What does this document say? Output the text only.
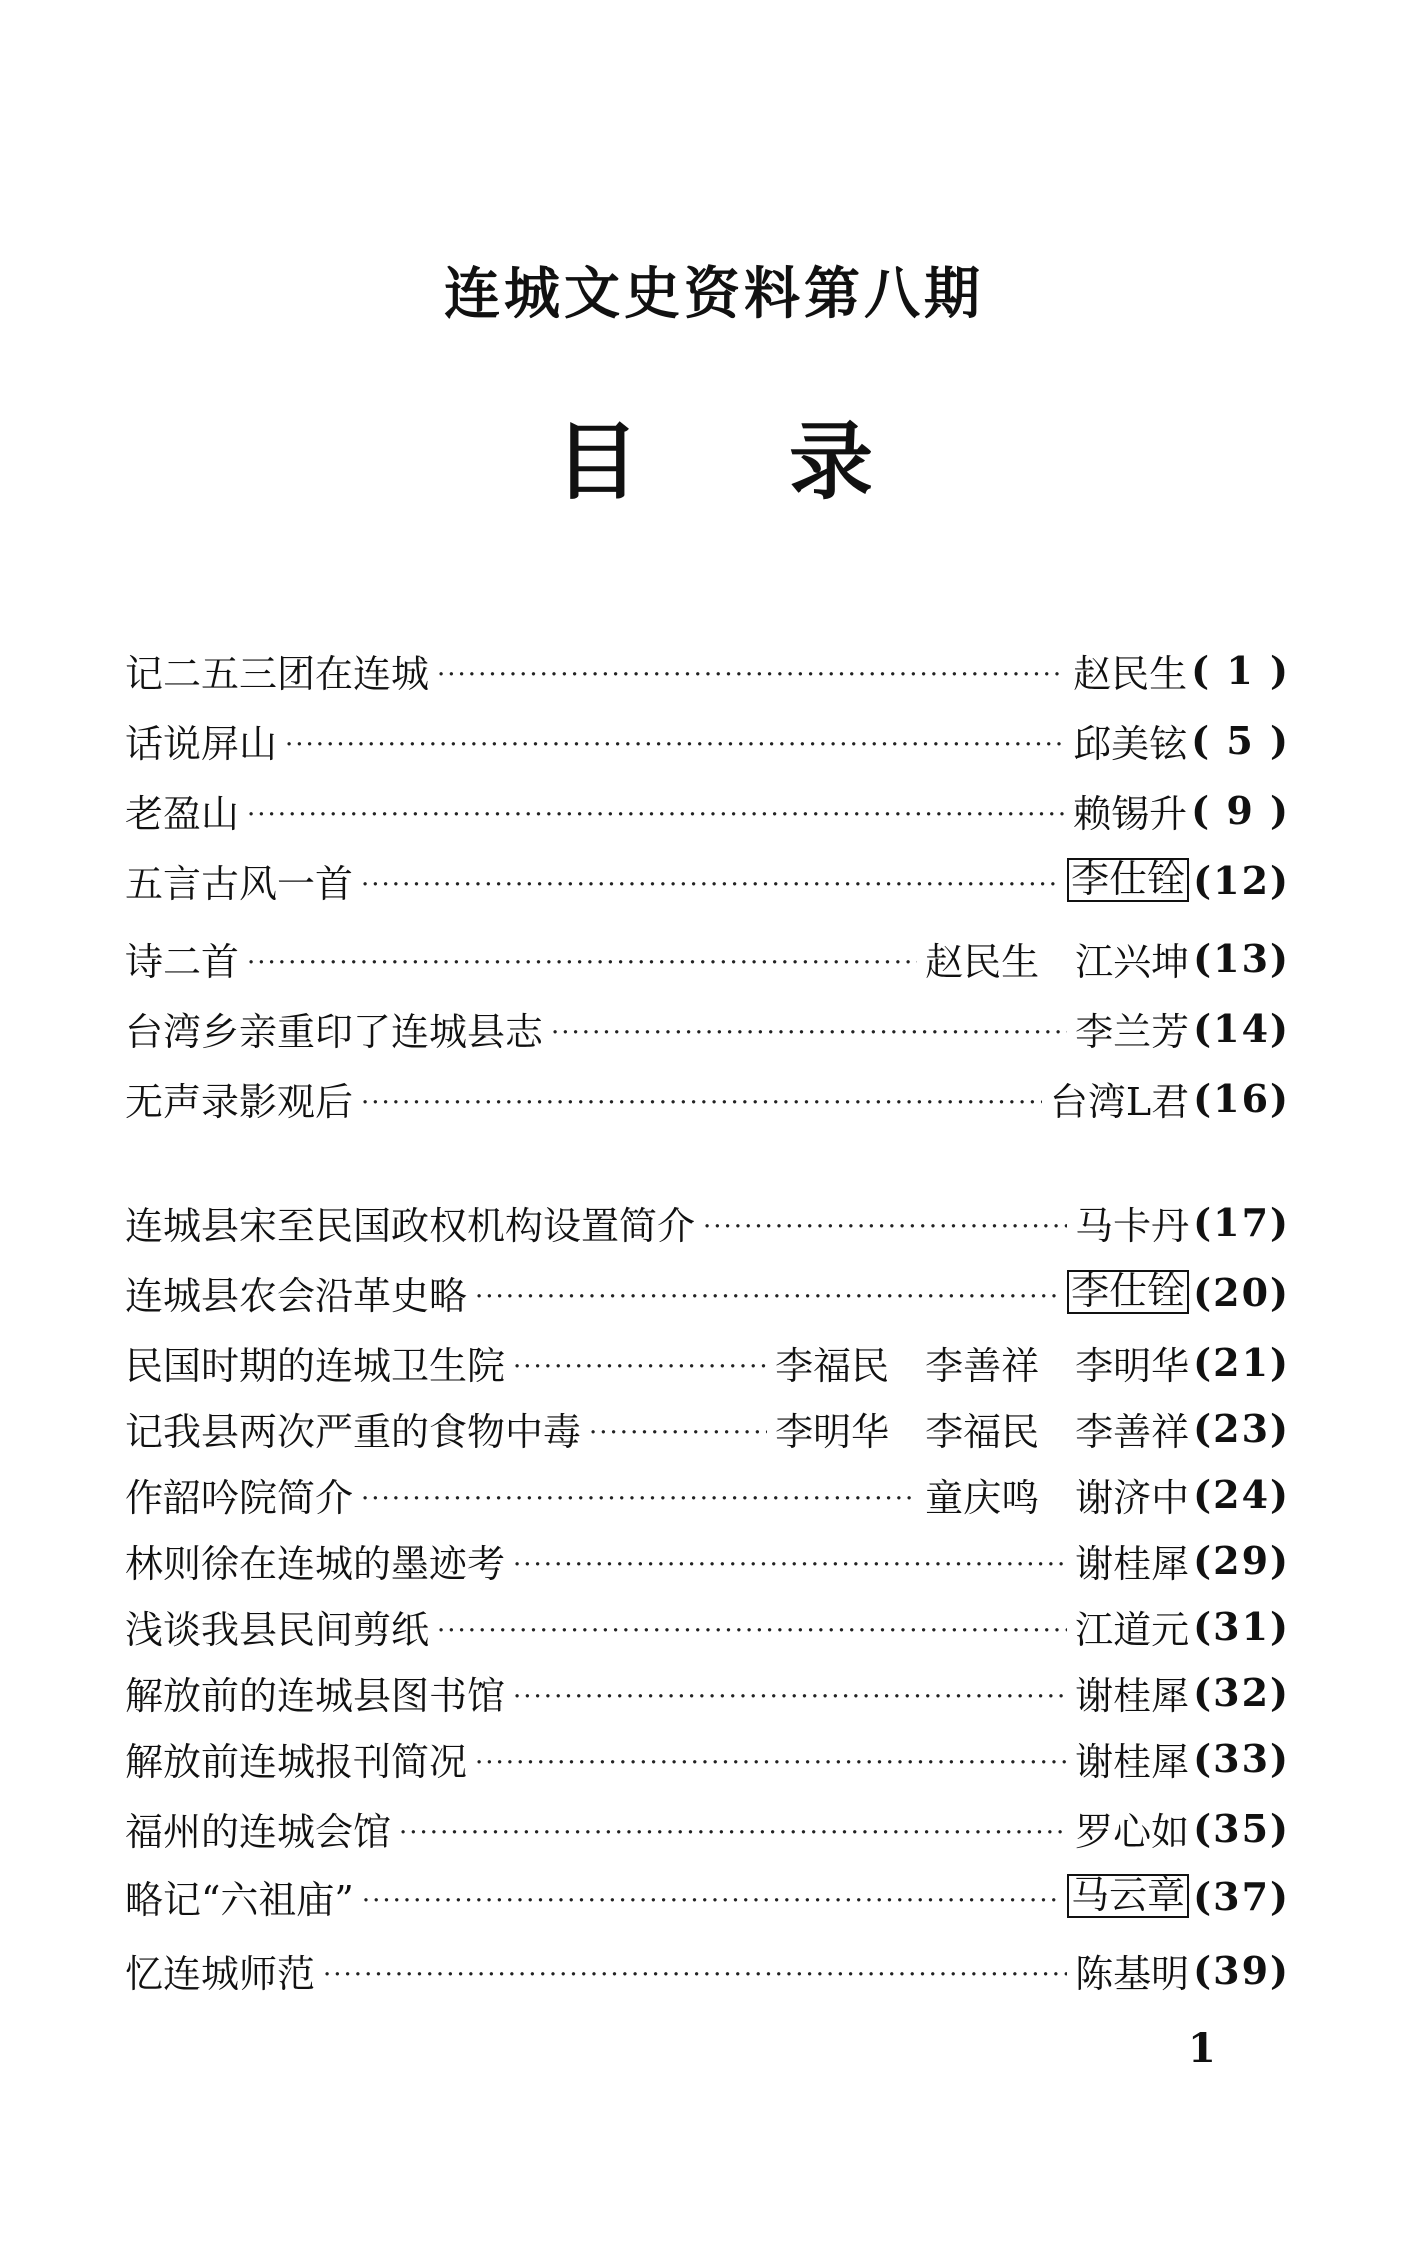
连城文史资料第八期
目录
记二五三团在连城 ·····	赵民生 ( 1 )
话说屏山 ·····	邱美铉 ( 5 )
老盈山 ·····	赖锡升 ( 9 )
五言古风一首 ·····	李仕铨 (12)
诗二首 ·····	赵民生 江兴坤 (13)
台湾乡亲重印了连城县志 ·····	李兰芳 (14)
无声录影观后 ·····	台湾L君 (16)
连城县宋至民国政权机构设置简介 ·····	马卡丹 (17)
连城县农会沿革史略 ·····	李仕铨 (20)
民国时期的连城卫生院 ·····	李福民 李善祥 李明华 (21)
记我县两次严重的食物中毒 ·····	李明华 李福民 李善祥 (23)
作韶吟院简介 ·····	童庆鸣 谢济中 (24)
林则徐在连城的墨迹考 ·····	谢桂犀 (29)
浅谈我县民间剪纸 ·····	江道元 (31)
解放前的连城县图书馆 ·····	谢桂犀 (32)
解放前连城报刊简况 ·····	谢桂犀 (33)
福州的连城会馆 ·····	罗心如 (35)
略记“六祖庙” ·····	马云章 (37)
忆连城师范 ·····	陈基明 (39)
1
